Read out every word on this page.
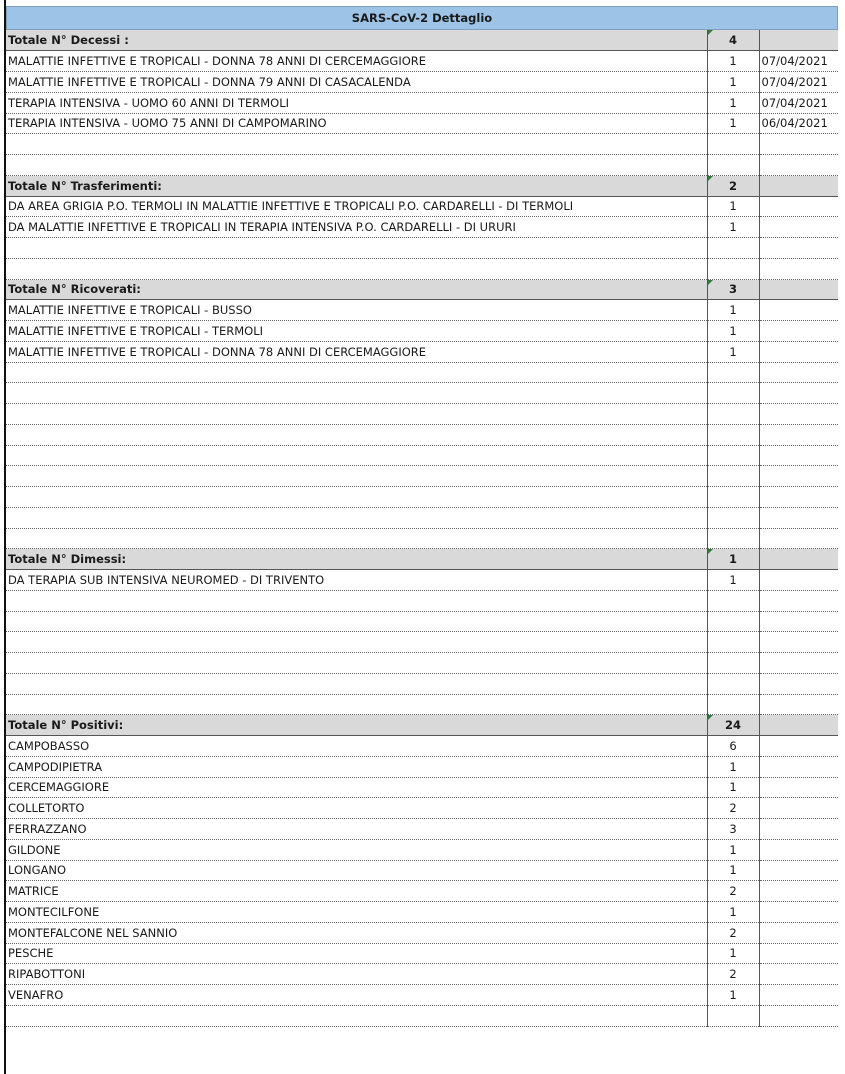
SARS-CoV-2 Dettaglio
Totale N° Decessi :	4

MALATTIE INFETTIVE E TROPICALI - DONNA 78 ANNI DI CERCEMAGGIORE	1	07/04/2021
MALATTIE INFETTIVE E TROPICALI - DONNA 79 ANNI DI CASACALENDA	1	07/04/2021
TERAPIA INTENSIVA - UOMO 60 ANNI DI TERMOLI	1	07/04/2021
TERAPIA INTENSIVA - UOMO 75 ANNI DI CAMPOMARINO	1	06/04/2021

Totale N° Trasferimenti:	2

DA AREA GRIGIA P.O. TERMOLI IN MALATTIE INFETTIVE E TROPICALI P.O. CARDARELLI - DI TERMOLI	1	
DA MALATTIE INFETTIVE E TROPICALI IN TERAPIA INTENSIVA P.O. CARDARELLI - DI URURI	1	

Totale N° Ricoverati:	3

MALATTIE INFETTIVE E TROPICALI - BUSSO	1	
MALATTIE INFETTIVE E TROPICALI - TERMOLI	1	
MALATTIE INFETTIVE E TROPICALI - DONNA 78 ANNI DI CERCEMAGGIORE	1	

Totale N° Dimessi:	1

DA TERAPIA SUB INTENSIVA NEUROMED - DI TRIVENTO	1	

Totale N° Positivi:	24

CAMPOBASSO	6	
CAMPODIPIETRA	1	
CERCEMAGGIORE	1	
COLLETORTO	2	
FERRAZZANO	3	
GILDONE	1	
LONGANO	1	
MATRICE	2	
MONTECILFONE	1	
MONTEFALCONE NEL SANNIO	2	
PESCHE	1	
RIPABOTTONI	2	
VENAFRO	1	
